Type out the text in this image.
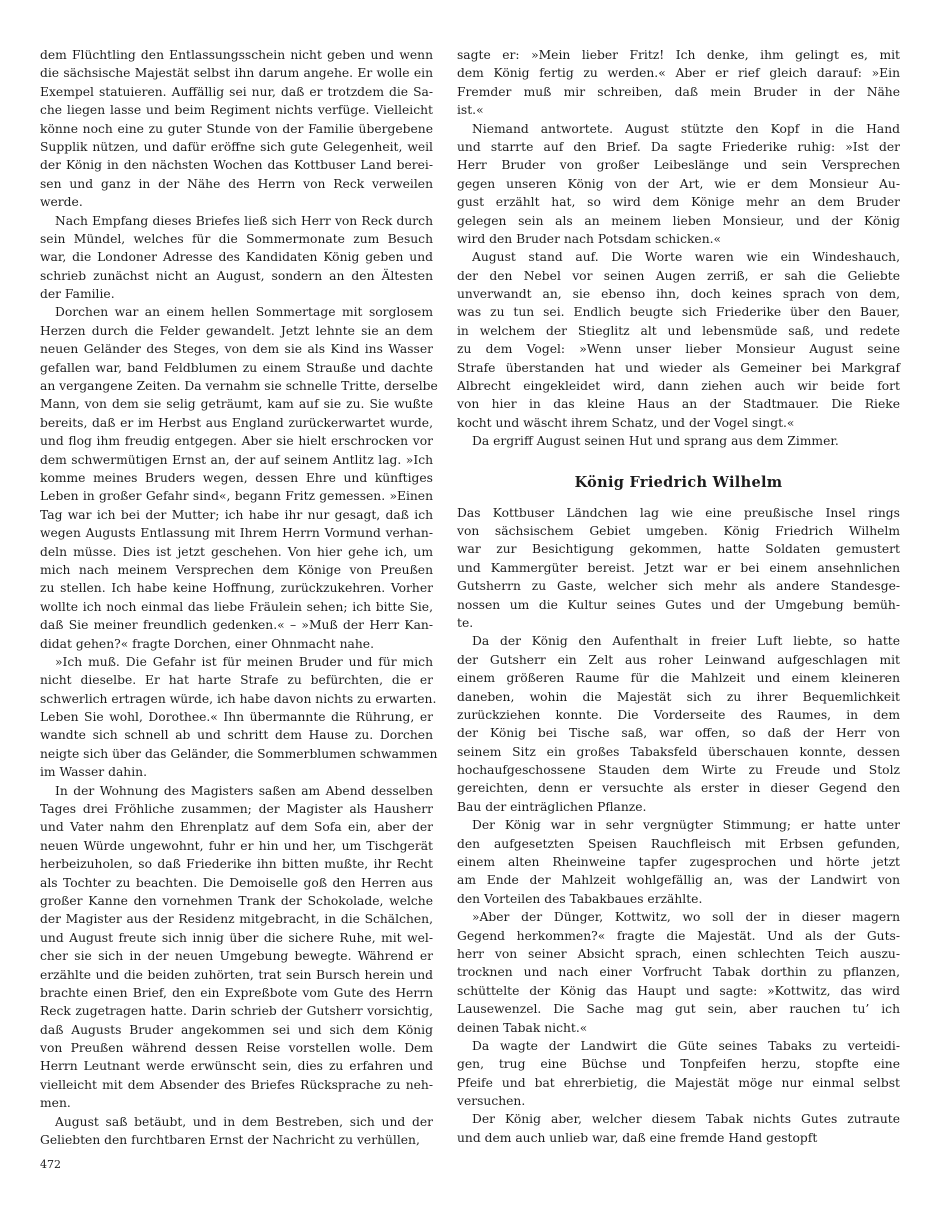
dem Flüchtling den Entlassungsschein nicht geben und wenn
die sächsische Majestät selbst ihn darum angehe. Er wolle ein
Exempel statuieren. Auffällig sei nur, daß er trotzdem die Sa-
che liegen lasse und beim Regiment nichts verfüge. Vielleicht
könne noch eine zu guter Stunde von der Familie übergebene
Supplik nützen, und dafür eröffne sich gute Gelegenheit, weil
der König in den nächsten Wochen das Kottbuser Land berei-
sen und ganz in der Nähe des Herrn von Reck verweilen
werde.
Nach Empfang dieses Briefes ließ sich Herr von Reck durch
sein Mündel, welches für die Sommermonate zum Besuch
war, die Londoner Adresse des Kandidaten König geben und
schrieb zunächst nicht an August, sondern an den Ältesten
der Familie.
Dorchen war an einem hellen Sommertage mit sorglosem
Herzen durch die Felder gewandelt. Jetzt lehnte sie an dem
neuen Geländer des Steges, von dem sie als Kind ins Wasser
gefallen war, band Feldblumen zu einem Strauße und dachte
an vergangene Zeiten. Da vernahm sie schnelle Tritte, derselbe
Mann, von dem sie selig geträumt, kam auf sie zu. Sie wußte
bereits, daß er im Herbst aus England zurückerwartet wurde,
und flog ihm freudig entgegen. Aber sie hielt erschrocken vor
dem schwermütigen Ernst an, der auf seinem Antlitz lag. »Ich
komme meines Bruders wegen, dessen Ehre und künftiges
Leben in großer Gefahr sind«, begann Fritz gemessen. »Einen
Tag war ich bei der Mutter; ich habe ihr nur gesagt, daß ich
wegen Augusts Entlassung mit Ihrem Herrn Vormund verhan-
deln müsse. Dies ist jetzt geschehen. Von hier gehe ich, um
mich nach meinem Versprechen dem Könige von Preußen
zu stellen. Ich habe keine Hoffnung, zurückzukehren. Vorher
wollte ich noch einmal das liebe Fräulein sehen; ich bitte Sie,
daß Sie meiner freundlich gedenken.« – »Muß der Herr Kan-
didat gehen?« fragte Dorchen, einer Ohnmacht nahe.
»Ich muß. Die Gefahr ist für meinen Bruder und für mich
nicht dieselbe. Er hat harte Strafe zu befürchten, die er
schwerlich ertragen würde, ich habe davon nichts zu erwarten.
Leben Sie wohl, Dorothee.« Ihn übermannte die Rührung, er
wandte sich schnell ab und schritt dem Hause zu. Dorchen
neigte sich über das Geländer, die Sommerblumen schwammen
im Wasser dahin.
In der Wohnung des Magisters saßen am Abend desselben
Tages drei Fröhliche zusammen; der Magister als Hausherr
und Vater nahm den Ehrenplatz auf dem Sofa ein, aber der
neuen Würde ungewohnt, fuhr er hin und her, um Tischgerät
herbeizuholen, so daß Friederike ihn bitten mußte, ihr Recht
als Tochter zu beachten. Die Demoiselle goß den Herren aus
großer Kanne den vornehmen Trank der Schokolade, welche
der Magister aus der Residenz mitgebracht, in die Schälchen,
und August freute sich innig über die sichere Ruhe, mit wel-
cher sie sich in der neuen Umgebung bewegte. Während er
erzählte und die beiden zuhörten, trat sein Bursch herein und
brachte einen Brief, den ein Expreßbote vom Gute des Herrn
Reck zugetragen hatte. Darin schrieb der Gutsherr vorsichtig,
daß Augusts Bruder angekommen sei und sich dem König
von Preußen während dessen Reise vorstellen wolle. Dem
Herrn Leutnant werde erwünscht sein, dies zu erfahren und
vielleicht mit dem Absender des Briefes Rücksprache zu neh-
men.
August saß betäubt, und in dem Bestreben, sich und der
Geliebten den furchtbaren Ernst der Nachricht zu verhüllen,
sagte er: »Mein lieber Fritz! Ich denke, ihm gelingt es, mit
dem König fertig zu werden.« Aber er rief gleich darauf: »Ein
Fremder muß mir schreiben, daß mein Bruder in der Nähe
ist.«
Niemand antwortete. August stützte den Kopf in die Hand
und starrte auf den Brief. Da sagte Friederike ruhig: »Ist der
Herr Bruder von großer Leibeslänge und sein Versprechen
gegen unseren König von der Art, wie er dem Monsieur Au-
gust erzählt hat, so wird dem Könige mehr an dem Bruder
gelegen sein als an meinem lieben Monsieur, und der König
wird den Bruder nach Potsdam schicken.«
August stand auf. Die Worte waren wie ein Windeshauch,
der den Nebel vor seinen Augen zerriß, er sah die Geliebte
unverwandt an, sie ebenso ihn, doch keines sprach von dem,
was zu tun sei. Endlich beugte sich Friederike über den Bauer,
in welchem der Stieglitz alt und lebensmüde saß, und redete
zu dem Vogel: »Wenn unser lieber Monsieur August seine
Strafe überstanden hat und wieder als Gemeiner bei Markgraf
Albrecht eingekleidet wird, dann ziehen auch wir beide fort
von hier in das kleine Haus an der Stadtmauer. Die Rieke
kocht und wäscht ihrem Schatz, und der Vogel singt.«
Da ergriff August seinen Hut und sprang aus dem Zimmer.
König Friedrich Wilhelm
Das Kottbuser Ländchen lag wie eine preußische Insel rings
von sächsischem Gebiet umgeben. König Friedrich Wilhelm
war zur Besichtigung gekommen, hatte Soldaten gemustert
und Kammergüter bereist. Jetzt war er bei einem ansehnlichen
Gutsherrn zu Gaste, welcher sich mehr als andere Standesge-
nossen um die Kultur seines Gutes und der Umgebung bemüh-
te.
Da der König den Aufenthalt in freier Luft liebte, so hatte
der Gutsherr ein Zelt aus roher Leinwand aufgeschlagen mit
einem größeren Raume für die Mahlzeit und einem kleineren
daneben, wohin die Majestät sich zu ihrer Bequemlichkeit
zurückziehen konnte. Die Vorderseite des Raumes, in dem
der König bei Tische saß, war offen, so daß der Herr von
seinem Sitz ein großes Tabaksfeld überschauen konnte, dessen
hochaufgeschossene Stauden dem Wirte zu Freude und Stolz
gereichten, denn er versuchte als erster in dieser Gegend den
Bau der einträglichen Pflanze.
Der König war in sehr vergnügter Stimmung; er hatte unter
den aufgesetzten Speisen Rauchfleisch mit Erbsen gefunden,
einem alten Rheinweine tapfer zugesprochen und hörte jetzt
am Ende der Mahlzeit wohlgefällig an, was der Landwirt von
den Vorteilen des Tabakbaues erzählte.
»Aber der Dünger, Kottwitz, wo soll der in dieser magern
Gegend herkommen?« fragte die Majestät. Und als der Guts-
herr von seiner Absicht sprach, einen schlechten Teich auszu-
trocknen und nach einer Vorfrucht Tabak dorthin zu pflanzen,
schüttelte der König das Haupt und sagte: »Kottwitz, das wird
Lausewenzel. Die Sache mag gut sein, aber rauchen tu’ ich
deinen Tabak nicht.«
Da wagte der Landwirt die Güte seines Tabaks zu verteidi-
gen, trug eine Büchse und Tonpfeifen herzu, stopfte eine
Pfeife und bat ehrerbietig, die Majestät möge nur einmal selbst
versuchen.
Der König aber, welcher diesem Tabak nichts Gutes zutraute
und dem auch unlieb war, daß eine fremde Hand gestopft
472
